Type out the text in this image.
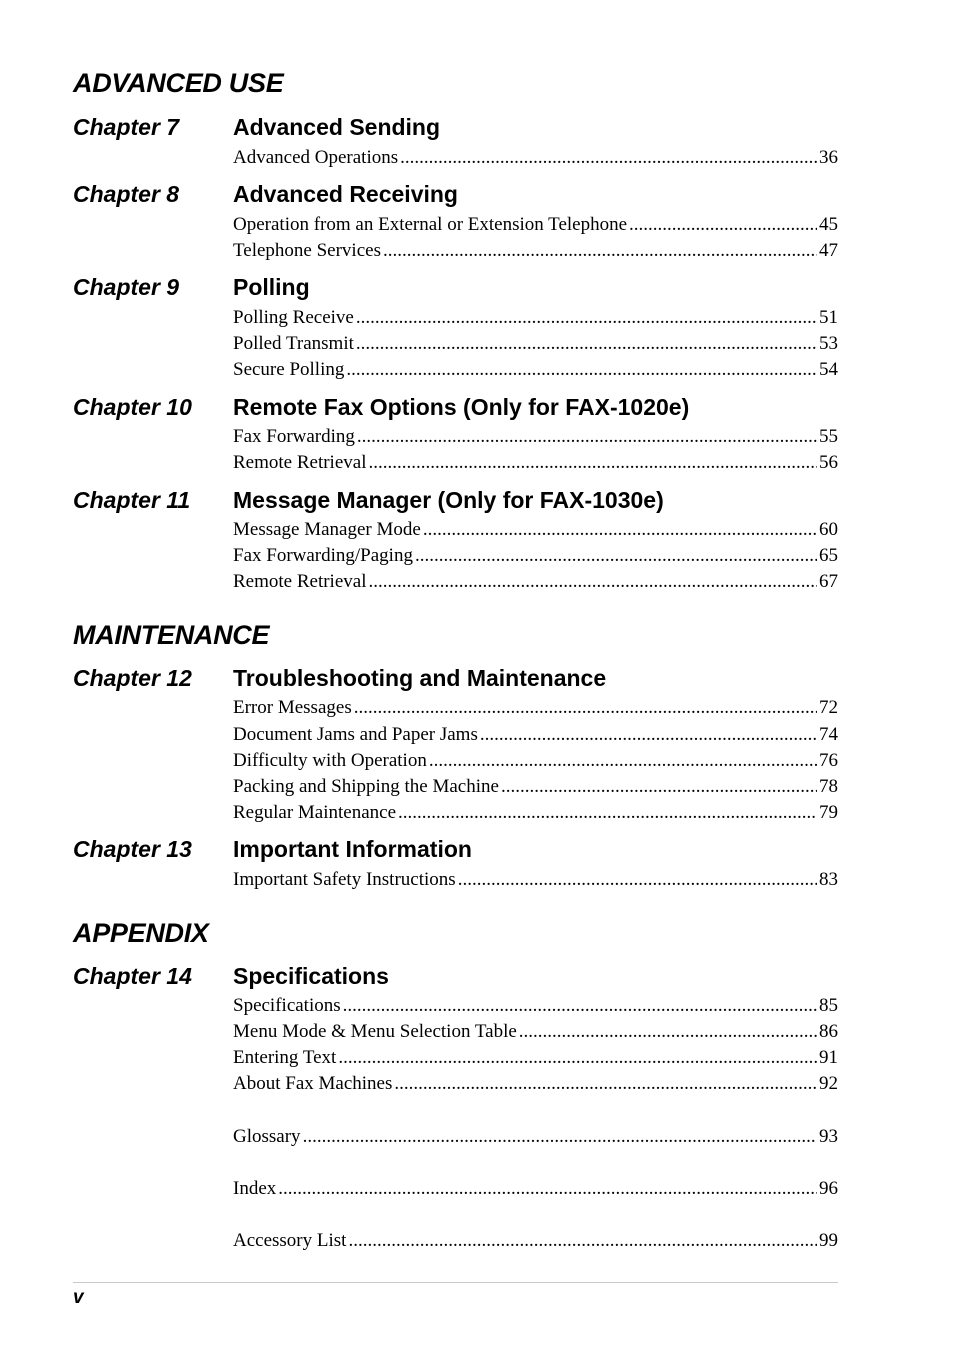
ADVANCED USE
Chapter 7 Advanced Sending
Advanced Operations .....	36
Chapter 8 Advanced Receiving
Operation from an External or Extension Telephone .....	45
Telephone Services .....	47
Chapter 9 Polling
Polling Receive .....	51
Polled Transmit .....	53
Secure Polling .....	54
Chapter 10 Remote Fax Options (Only for FAX-1020e)
Fax Forwarding .....	55
Remote Retrieval .....	56
Chapter 11 Message Manager (Only for FAX-1030e)
Message Manager Mode .....	60
Fax Forwarding/Paging .....	65
Remote Retrieval .....	67
MAINTENANCE
Chapter 12 Troubleshooting and Maintenance
Error Messages .....	72
Document Jams and Paper Jams .....	74
Difficulty with Operation .....	76
Packing and Shipping the Machine .....	78
Regular Maintenance .....	79
Chapter 13 Important Information
Important Safety Instructions .....	83
APPENDIX
Chapter 14 Specifications
Specifications .....	85
Menu Mode & Menu Selection Table .....	86
Entering Text .....	91
About Fax Machines .....	92
Glossary .....	93
Index .....	96
Accessory List .....	99
v
